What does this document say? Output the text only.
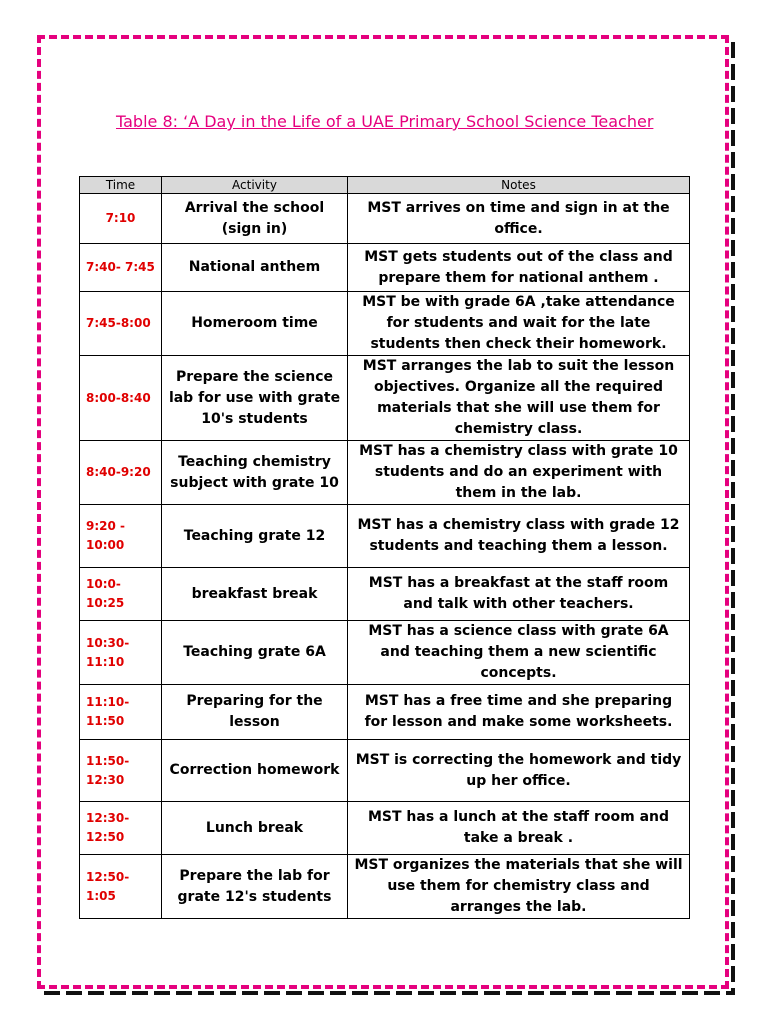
Table 8: ‘A Day in the Life of a UAE Primary School Science Teacher
Time	Activity	Notes
7:10	Arrival the school (sign in)	MST arrives on time and sign in at the office.
7:40- 7:45	National anthem	MST gets students out of the class and prepare them for national anthem .
7:45-8:00	Homeroom time	MST be with grade 6A ,take attendance for students and wait for the late students then check their homework.
8:00-8:40	Prepare the science lab for use with grate 10's students	MST arranges the lab to suit the lesson objectives. Organize all the required materials that she will use them for chemistry class.
8:40-9:20	Teaching chemistry subject with grate 10	MST has a chemistry class with grate 10 students and do an experiment with them in the lab.
9:20 - 10:00	Teaching grate 12	MST has a chemistry class with grade 12 students and teaching them a lesson.
10:0- 10:25	breakfast break	MST has a breakfast at the staff room and talk with other teachers.
10:30- 11:10	Teaching grate 6A	MST has a science class with grate 6A and teaching them a new scientific concepts.
11:10- 11:50	Preparing for the lesson	MST has a free time and she preparing for lesson and make some worksheets.
11:50- 12:30	Correction homework	MST is correcting the homework and tidy up her office.
12:30- 12:50	Lunch break	MST has a lunch at the staff room and take a break .
12:50- 1:05	Prepare the lab for grate 12's students	MST organizes the materials that she will use them for chemistry class and arranges the lab.
